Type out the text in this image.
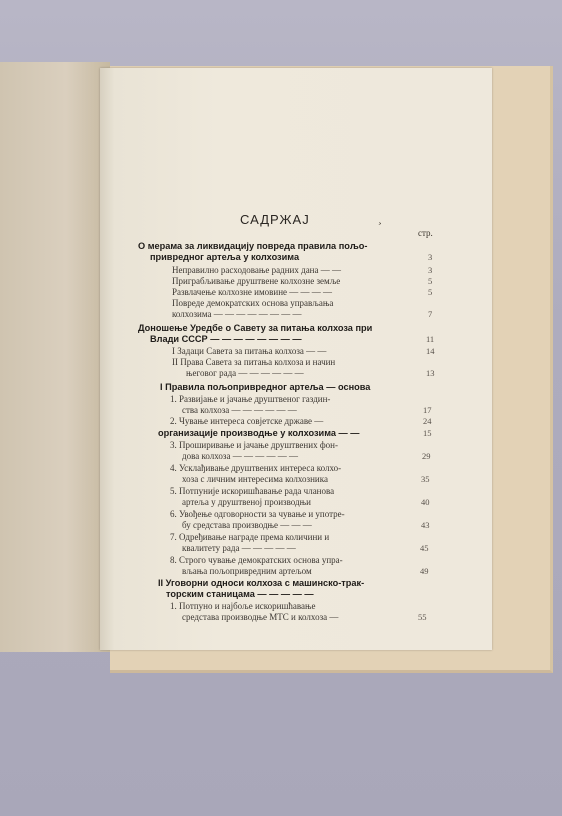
САДРЖАЈ	¸
стр.
О мерама за ликвидацију повреда правила пољо-
привредног артеља у колхозима	3
Неправилно расходовање радних дана — —	3
Приграбљивање друштвене колхозне земље	5
Развлачење колхозне имовине — — — —	5
Повреде демократских основа управљања
колхозима — — — — — — — —	7
Доношење Уредбе о Савету за питања колхоза при
Влади СССР — — — — — — — —	11
I Задаци Савета за питања колхоза — —	14
II Права Савета за питања колхоза и начин
његовог рада — — — — — —	13
I Правила пољопривредног артеља — основа
1. Развијање и јачање друштвеног газдин-
ства колхоза — — — — — —	17
2. Чување интереса совјетске државе —	24
организације производње у колхозима — —	15
3. Проширивање и јачање друштвених фон-
дова колхоза — — — — — —	29
4. Усклађивање друштвених интереса колхо-
хоза с личним интересима колхозника	35
5. Потпуније искоришћавање рада чланова
артеља у друштвеној производњи	40
6. Увођење одговорности за чување и употре-
бу средстава производње — — —	43
7. Одређивање награде према количини и
квалитету рада — — — — —	45
8. Строго чување демократских основа упра-
вљања пољопривредним артељом	49
II Уговорни односи колхоза с машинско-трак-
торским станицама — — — — —
1. Потпуно и најбоље искоришћавање
средстава производње МТС и колхоза —	55
